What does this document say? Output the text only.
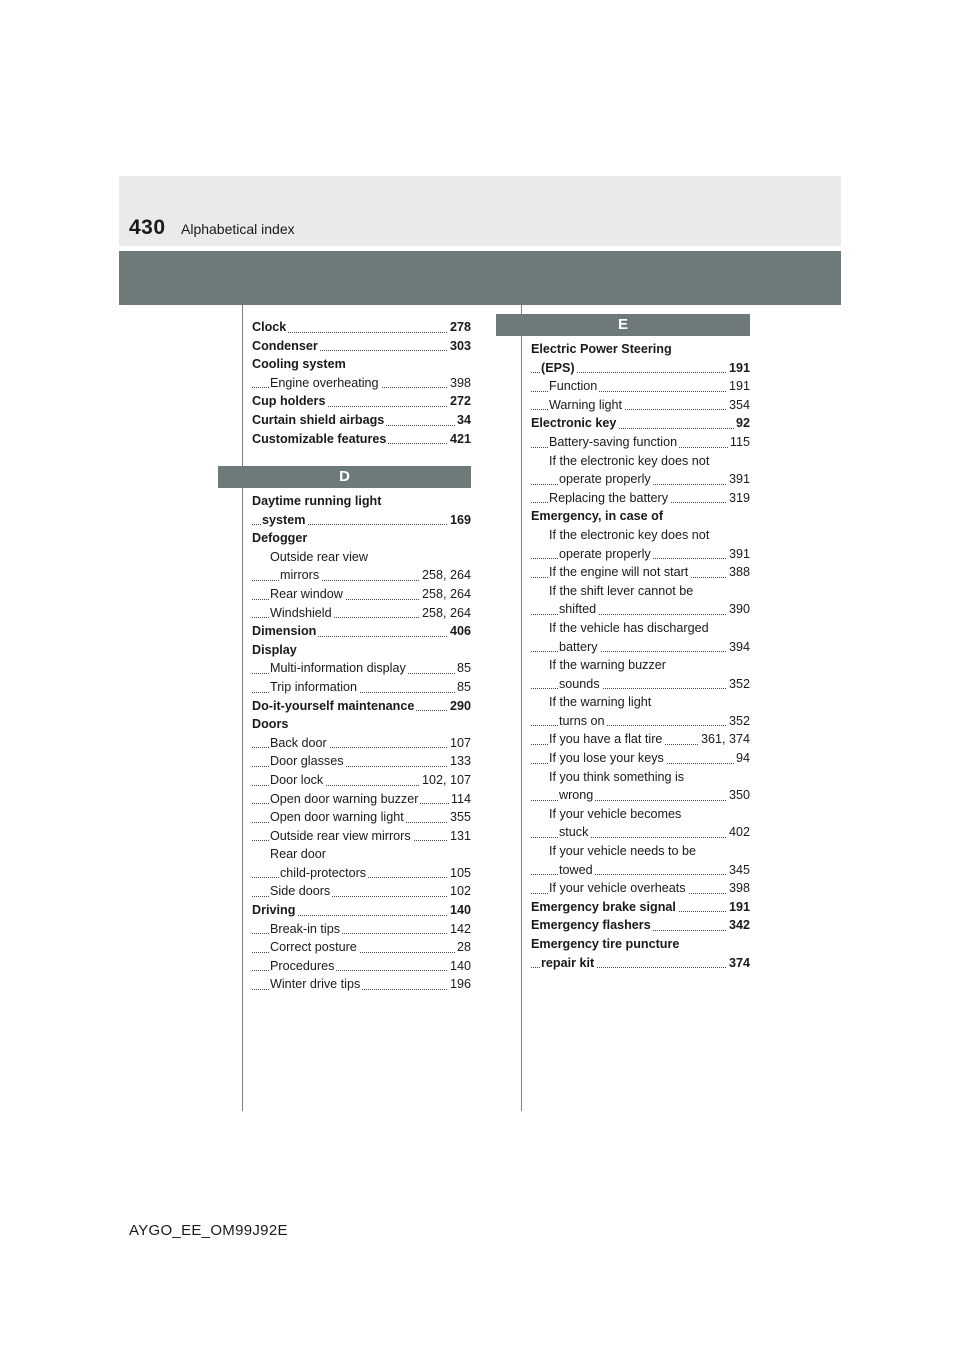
430 Alphabetical index
Clock	278
Condenser	303
Cooling system
Engine overheating	398
Cup holders	272
Curtain shield airbags	34
Customizable features	421
D
Daytime running light
system	169
Defogger
Outside rear view
mirrors	258, 264
Rear window	258, 264
Windshield	258, 264
Dimension	406
Display
Multi-information display	85
Trip information	85
Do-it-yourself maintenance	290
Doors
Back door	107
Door glasses	133
Door lock	102, 107
Open door warning buzzer	114
Open door warning light	355
Outside rear view mirrors	131
Rear door
child-protectors	105
Side doors	102
Driving	140
Break-in tips	142
Correct posture	28
Procedures	140
Winter drive tips	196
E
Electric Power Steering
(EPS)	191
Function	191
Warning light	354
Electronic key	92
Battery-saving function	115
If the electronic key does not
operate properly	391
Replacing the battery	319
Emergency, in case of
If the electronic key does not
operate properly	391
If the engine will not start	388
If the shift lever cannot be
shifted	390
If the vehicle has discharged
battery	394
If the warning buzzer
sounds	352
If the warning light
turns on	352
If you have a flat tire	361, 374
If you lose your keys	94
If you think something is
wrong	350
If your vehicle becomes
stuck	402
If your vehicle needs to be
towed	345
If your vehicle overheats	398
Emergency brake signal	191
Emergency flashers	342
Emergency tire puncture
repair kit	374
AYGO_EE_OM99J92E
